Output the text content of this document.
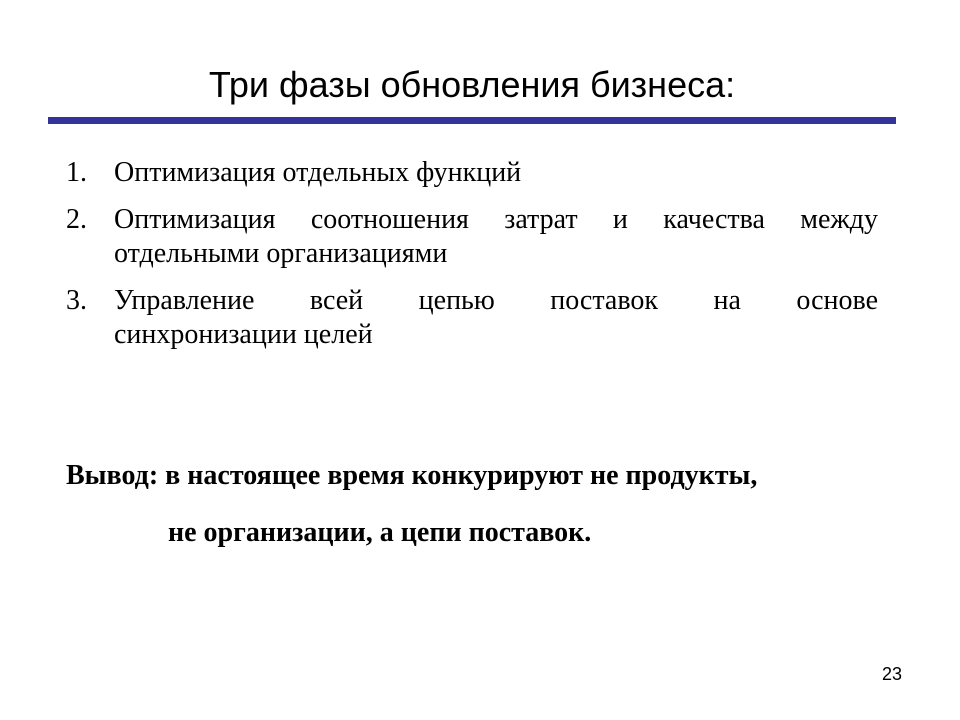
Три фазы обновления бизнеса:
1. Оптимизация отдельных функций
2. Оптимизация соотношения затрат и качества между
отдельными организациями
3. Управление всей цепью поставок на основе
синхронизации целей
Вывод: в настоящее время конкурируют не продукты,
не организации, а цепи поставок.
23
